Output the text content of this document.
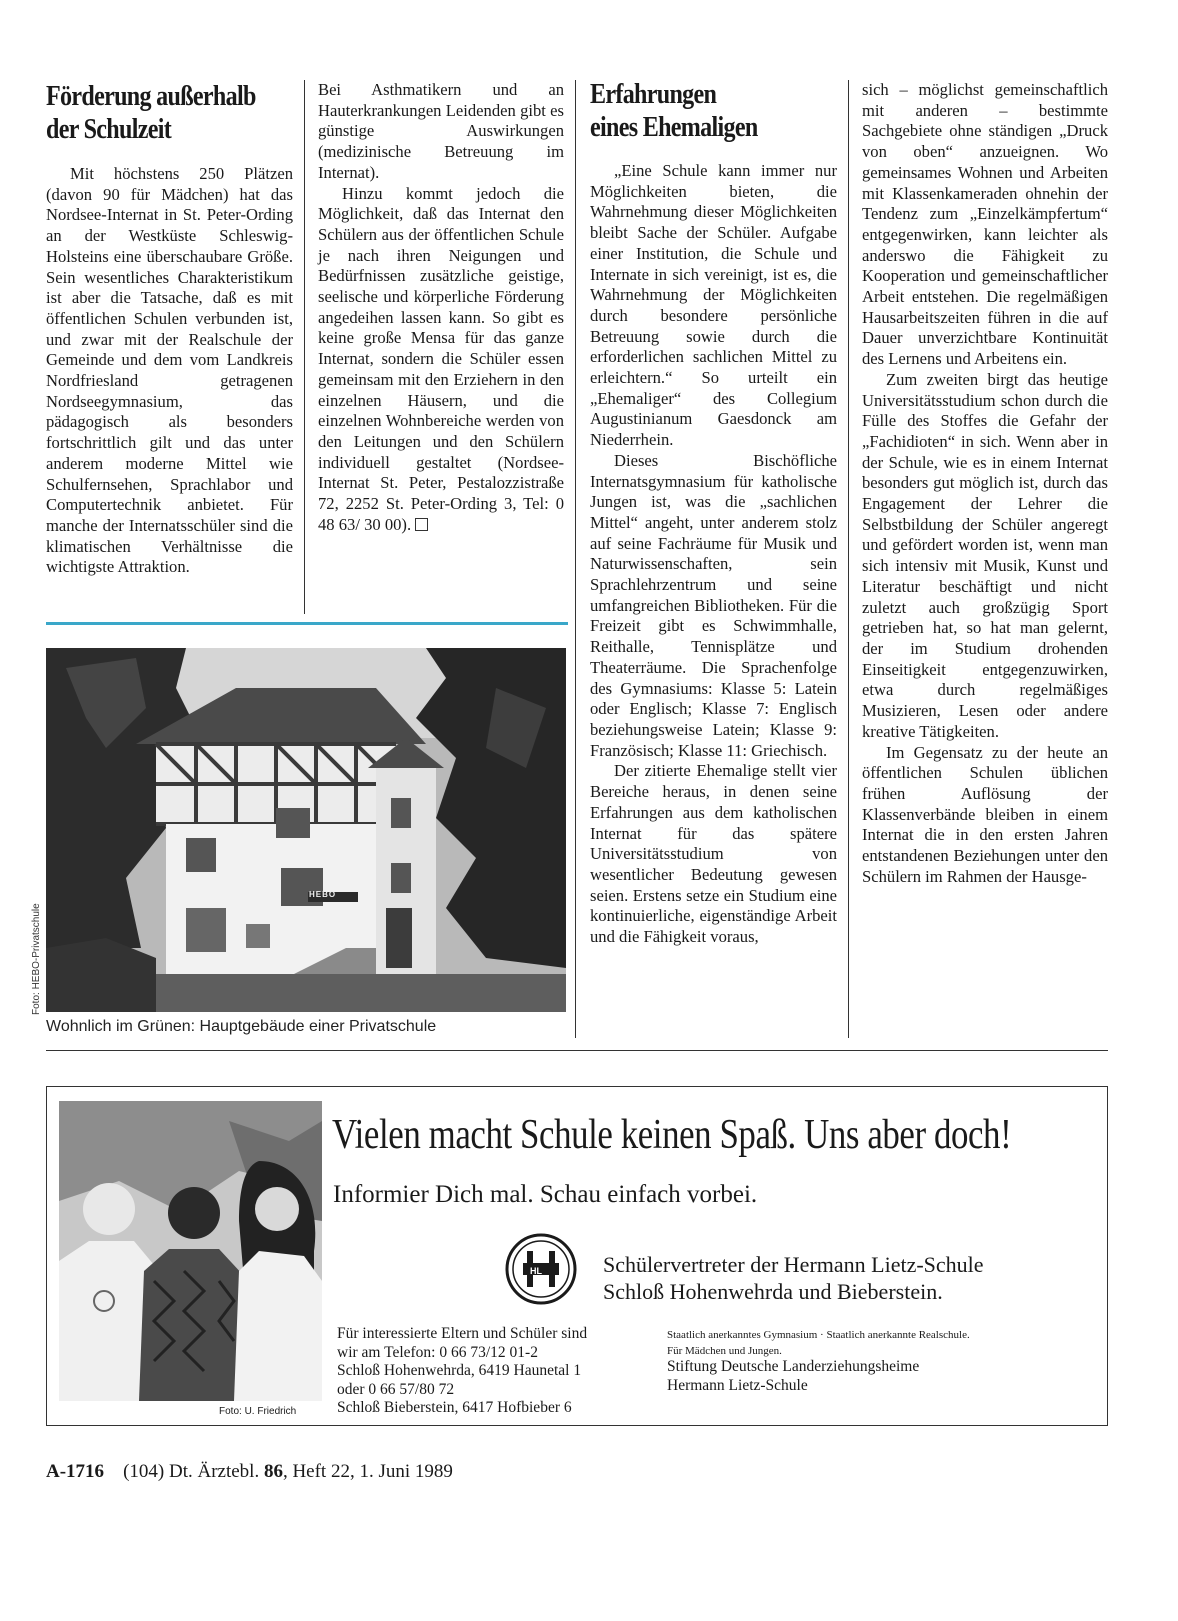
Förderung außerhalb
der Schulzeit

Mit höchstens 250 Plätzen (davon 90 für Mädchen) hat das Nordsee-Internat in St. Peter-Ording an der Westküste Schleswig-Holsteins eine überschaubare Größe. Sein wesentliches Charakteristikum ist aber die Tatsache, daß es mit öffentlichen Schulen verbunden ist, und zwar mit der Realschule der Gemeinde und dem vom Landkreis Nordfriesland getragenen Nordseegymnasium, das pädagogisch als besonders fortschrittlich gilt und das unter anderem moderne Mittel wie Schulfernsehen, Sprachlabor und Computertechnik anbietet. Für manche der Internatsschüler sind die klimatischen Verhältnisse die wichtigste Attraktion.

Bei Asthmatikern und an Hauterkrankungen Leidenden gibt es günstige Auswirkungen (medizinische Betreuung im Internat).

Hinzu kommt jedoch die Möglichkeit, daß das Internat den Schülern aus der öffentlichen Schule je nach ihren Neigungen und Bedürfnissen zusätzliche geistige, seelische und körperliche Förderung angedeihen lassen kann. So gibt es keine große Mensa für das ganze Internat, sondern die Schüler essen gemeinsam mit den Erziehern in den einzelnen Häusern, und die einzelnen Wohnbereiche werden von den Leitungen und den Schülern individuell gestaltet (Nordsee-Internat St. Peter, Pestalozzistraße 72, 2252 St. Peter-Ording 3, Tel: 0 48 63/ 30 00).

HEBO
Foto: HEBO-Privatschule
Wohnlich im Grünen: Hauptgebäude einer Privatschule
Erfahrungen
eines Ehemaligen

„Eine Schule kann immer nur Möglichkeiten bieten, die Wahrnehmung dieser Möglichkeiten bleibt Sache der Schüler. Aufgabe einer Institution, die Schule und Internate in sich vereinigt, ist es, die Wahrnehmung der Möglichkeiten durch besondere persönliche Betreuung sowie durch die erforderlichen sachlichen Mittel zu erleichtern.“ So urteilt ein „Ehemaliger“ des Collegium Augustinianum Gaesdonck am Niederrhein.

Dieses Bischöfliche Internatsgymnasium für katholische Jungen ist, was die „sachlichen Mittel“ angeht, unter anderem stolz auf seine Fachräume für Musik und Naturwissenschaften, sein Sprachlehrzentrum und seine umfangreichen Bibliotheken. Für die Freizeit gibt es Schwimmhalle, Reithalle, Tennisplätze und Theaterräume. Die Sprachenfolge des Gymnasiums: Klasse 5: Latein oder Englisch; Klasse 7: Englisch beziehungsweise Latein; Klasse 9: Französisch; Klasse 11: Griechisch.

Der zitierte Ehemalige stellt vier Bereiche heraus, in denen seine Erfahrungen aus dem katholischen Internat für das spätere Universitätsstudium von wesentlicher Bedeutung gewesen seien. Erstens setze ein Studium eine kontinuierliche, eigenständige Arbeit und die Fähigkeit voraus,

sich – möglichst gemeinschaftlich mit anderen – bestimmte Sachgebiete ohne ständigen „Druck von oben“ anzueignen. Wo gemeinsames Wohnen und Arbeiten mit Klassenkameraden ohnehin der Tendenz zum „Einzelkämpfertum“ entgegenwirken, kann leichter als anderswo die Fähigkeit zu Kooperation und gemeinschaftlicher Arbeit entstehen. Die regelmäßigen Hausarbeitszeiten führen in die auf Dauer unverzichtbare Kontinuität des Lernens und Arbeitens ein.

Zum zweiten birgt das heutige Universitätsstudium schon durch die Fülle des Stoffes die Gefahr der „Fachidioten“ in sich. Wenn aber in der Schule, wie es in einem Internat besonders gut möglich ist, durch das Engagement der Lehrer die Selbstbildung der Schüler angeregt und gefördert worden ist, wenn man sich intensiv mit Musik, Kunst und Literatur beschäftigt und nicht zuletzt auch großzügig Sport getrieben hat, so hat man gelernt, der im Studium drohenden Einseitigkeit entgegenzuwirken, etwa durch regelmäßiges Musizieren, Lesen oder andere kreative Tätigkeiten.

Im Gegensatz zu der heute an öffentlichen Schulen üblichen frühen Auflösung der Klassenverbände bleiben in einem Internat die in den ersten Jahren entstandenen Beziehungen unter den Schülern im Rahmen der Hausge-

Foto: U. Friedrich
Vielen macht Schule keinen Spaß. Uns aber doch!
Informier Dich mal. Schau einfach vorbei.
HL	Schülervertreter der Hermann Lietz-Schule
Schloß Hohenwehrda und Bieberstein.
Für interessierte Eltern und Schüler sind
wir am Telefon: 0 66 73/12 01-2
Schloß Hohenwehrda, 6419 Haunetal 1
oder 0 66 57/80 72
Schloß Bieberstein, 6417 Hofbieber 6
Staatlich anerkanntes Gymnasium · Staatlich anerkannte Realschule.
Für Mädchen und Jungen.
Stiftung Deutsche Landerziehungsheime
Hermann Lietz-Schule
A-1716 (104) Dt. Ärztebl. 86, Heft 22, 1. Juni 1989
